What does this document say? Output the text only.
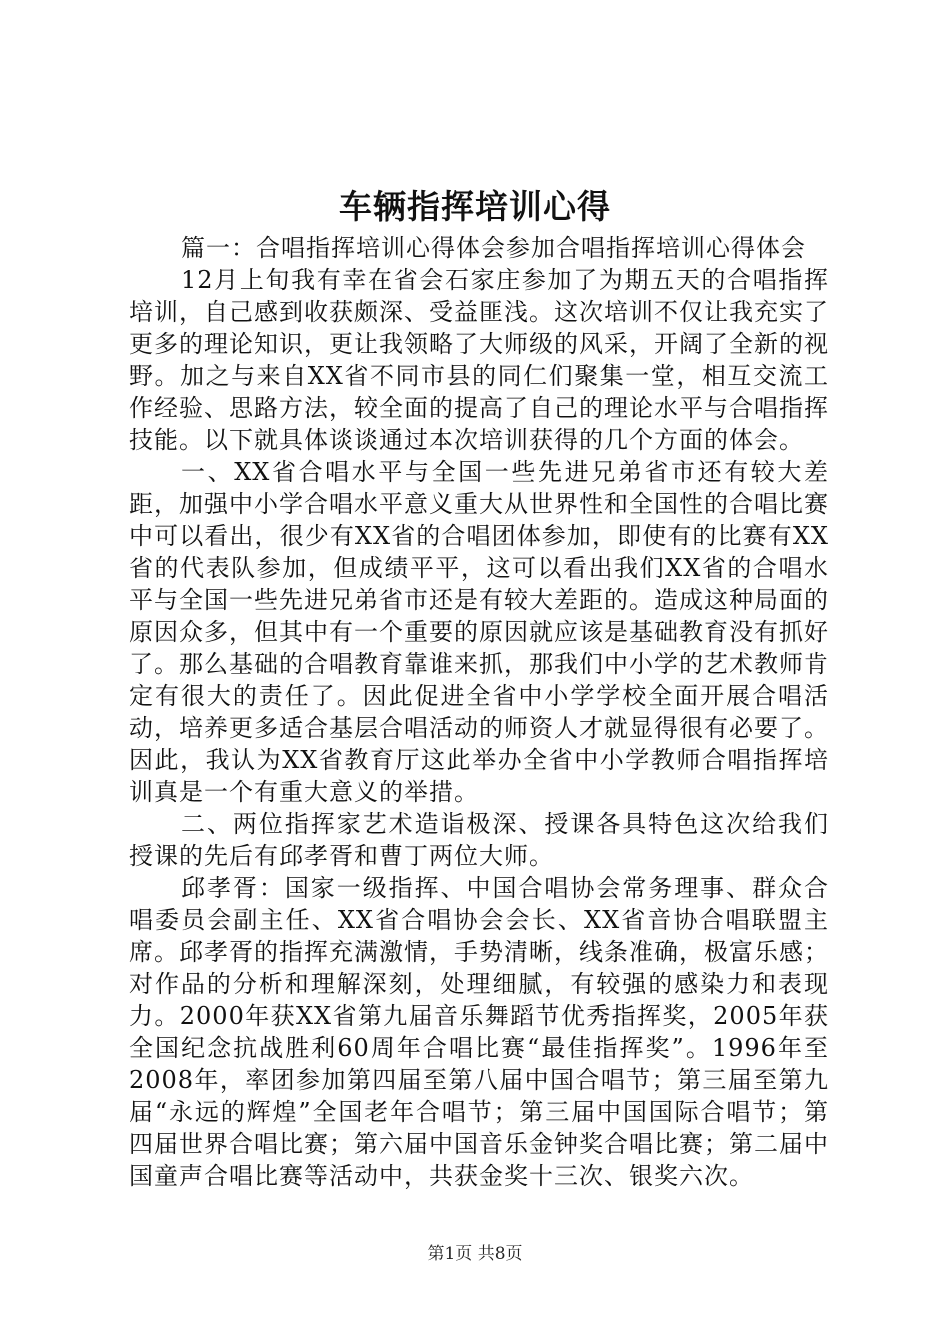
车辆指挥培训心得

篇一：合唱指挥培训心得体会参加合唱指挥培训心得体会

12月上旬我有幸在省会石家庄参加了为期五天的合唱指挥培训，自己感到收获颇深、受益匪浅。这次培训不仅让我充实了更多的理论知识，更让我领略了大师级的风采，开阔了全新的视野。加之与来自XX省不同市县的同仁们聚集一堂，相互交流工作经验、思路方法，较全面的提高了自己的理论水平与合唱指挥技能。以下就具体谈谈通过本次培训获得的几个方面的体会。

一、XX省合唱水平与全国一些先进兄弟省市还有较大差距，加强中小学合唱水平意义重大从世界性和全国性的合唱比赛中可以看出，很少有XX省的合唱团体参加，即使有的比赛有XX省的代表队参加，但成绩平平，这可以看出我们XX省的合唱水平与全国一些先进兄弟省市还是有较大差距的。造成这种局面的原因众多，但其中有一个重要的原因就应该是基础教育没有抓好了。那么基础的合唱教育靠谁来抓，那我们中小学的艺术教师肯定有很大的责任了。因此促进全省中小学学校全面开展合唱活动，培养更多适合基层合唱活动的师资人才就显得很有必要了。因此，我认为XX省教育厅这此举办全省中小学教师合唱指挥培训真是一个有重大意义的举措。

二、两位指挥家艺术造诣极深、授课各具特色这次给我们授课的先后有邱孝胥和曹丁两位大师。

邱孝胥：国家一级指挥、中国合唱协会常务理事、群众合唱委员会副主任、XX省合唱协会会长、XX省音协合唱联盟主席。邱孝胥的指挥充满激情，手势清晰，线条准确，极富乐感；对作品的分析和理解深刻，处理细腻，有较强的感染力和表现力。2000年获XX省第九届音乐舞蹈节优秀指挥奖，2005年获全国纪念抗战胜利60周年合唱比赛“最佳指挥奖”。1996年至2008年，率团参加第四届至第八届中国合唱节；第三届至第九届“永远的辉煌”全国老年合唱节；第三届中国国际合唱节；第四届世界合唱比赛；第六届中国音乐金钟奖合唱比赛；第二届中国童声合唱比赛等活动中，共获金奖十三次、银奖六次。

第1页 共8页
